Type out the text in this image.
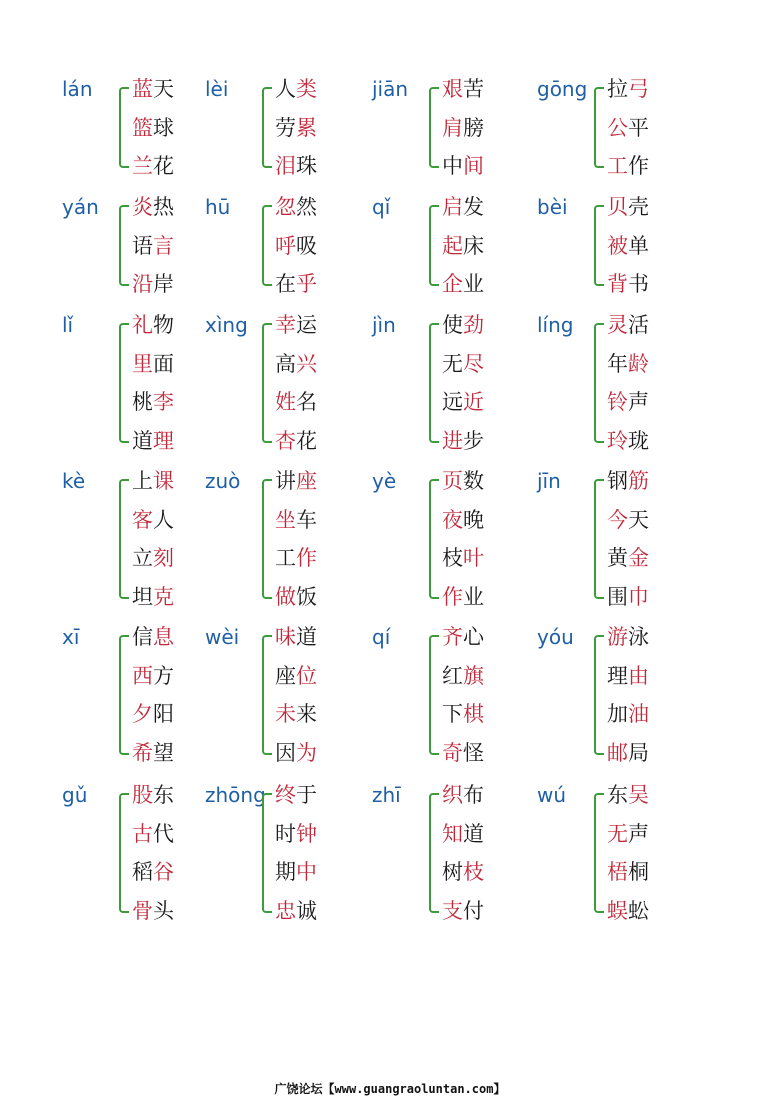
lán 蓝天
篮球
兰花
lèi 人类
劳累
泪珠
jiān 艰苦
肩膀
中间
gōng 拉弓
公平
工作
yán 炎热
语言
沿岸
hū 忽然
呼吸
在乎
qǐ 启发
起床
企业
bèi 贝壳
被单
背书
lǐ	礼物
里面
桃李
道理
xìng 幸运
高兴
姓名
杏花
jìn 使劲
无尽
远近
进步
líng 灵活
年龄
铃声
玲珑
kè 上课
客人
立刻
坦克
zuò 讲座
坐车
工作
做饭
yè 页数
夜晚
枝叶
作业
jīn 钢筋
今天
黄金
围巾
xī	信息
西方
夕阳
希望
wèi 味道
座位
未来
因为
qí 齐心
红旗
下棋
奇怪
yóu 游泳
理由
加油
邮局
gǔ 股东
古代
稻谷
骨头
zhōng 终于
时钟
期中
忠诚
zhī 织布
知道
树枝
支付
wú 东吴
无声
梧桐
蜈蚣
广饶论坛【www.guangraoluntan.com】
